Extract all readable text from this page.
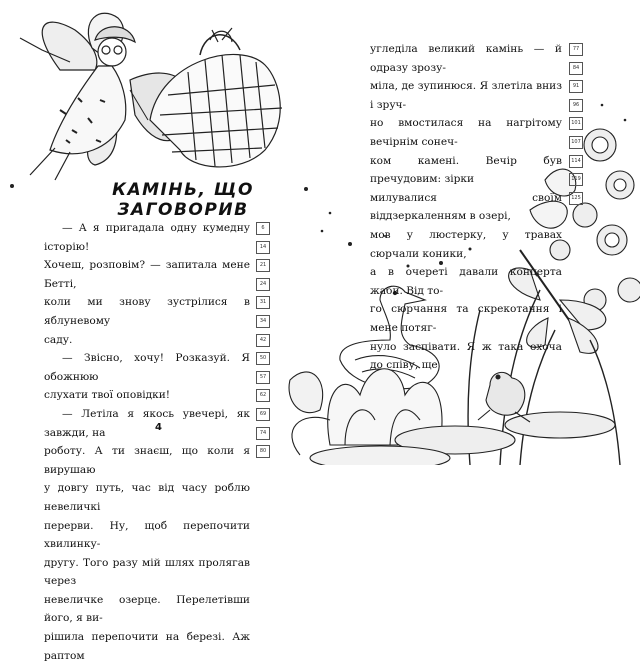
КАМІНЬ, ЩО ЗАГОВОРИВ

— А я пригадала одну кумедну історію!

Хочеш, розповім? — запитала мене Бетті,

коли ми знову зустрілися в яблуневому

саду.

— Звісно, хочу! Розказуй. Я обожнюю

слухати твої оповідки!

— Летіла я якось увечері, як завжди, на

роботу. А ти знаєш, що коли я вирушаю

у довгу путь, час від часу роблю невеличкі

перерви. Ну, щоб перепочити хвилинку-

другу. Того разу мій шлях пролягав через

невеличке озерце. Перелетівши його, я ви-

рішила перепочити на березі. Аж раптом

6
14
21
24
31
34
42
50
57
62
69
74
80

угледіла великий камінь — й одразу зрозу-

міла, де зупинюся. Я злетіла вниз і зруч-

но вмостилася на нагрітому вечірнім сонеч-

ком камені. Вечір був пречудовим: зірки

милувалися своїм віддзеркаленням в озері,

мов у люстерку, у травах сюрчали коники,

а в очереті давали концерта жаби. Від то-

го сюрчання та скрекотання і мене потяг-

нуло заспівати. Я ж така охоча до співу, ще

77
84
91
96
101
107
114
119
125
4
